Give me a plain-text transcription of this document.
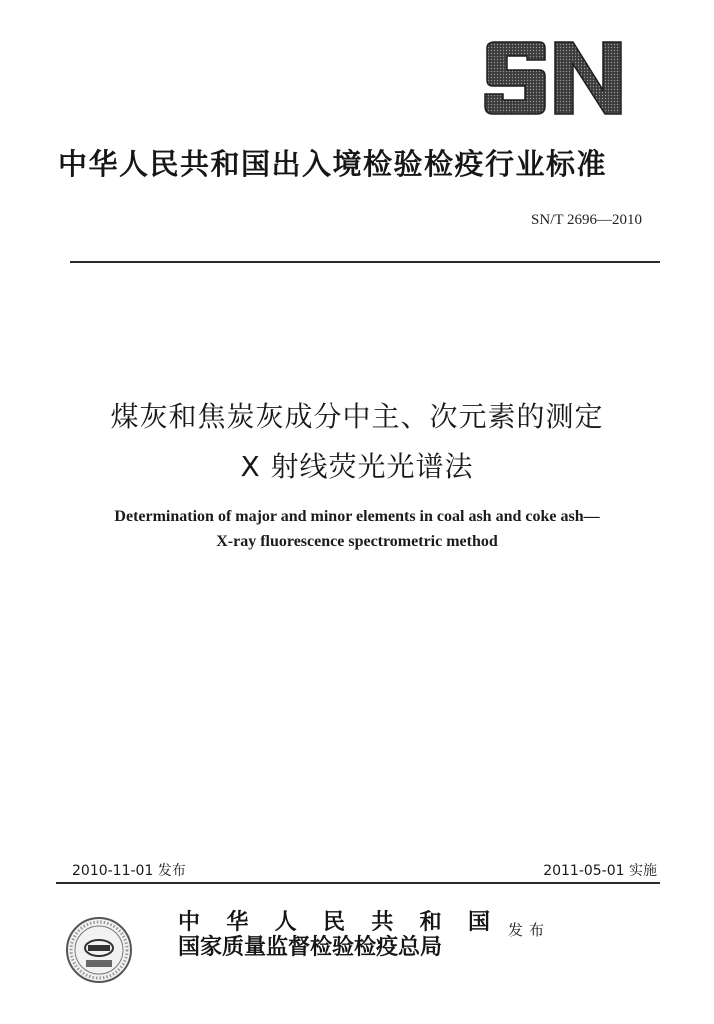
中华人民共和国出入境检验检疫行业标准
SN/T 2696—2010
煤灰和焦炭灰成分中主、次元素的测定
X 射线荧光光谱法
Determination of major and minor elements in coal ash and coke ash—
X-ray fluorescence spectrometric method
2010-11-01 发布	2011-05-01 实施
中华人民共和国
国家质量监督检验检疫总局
发布
